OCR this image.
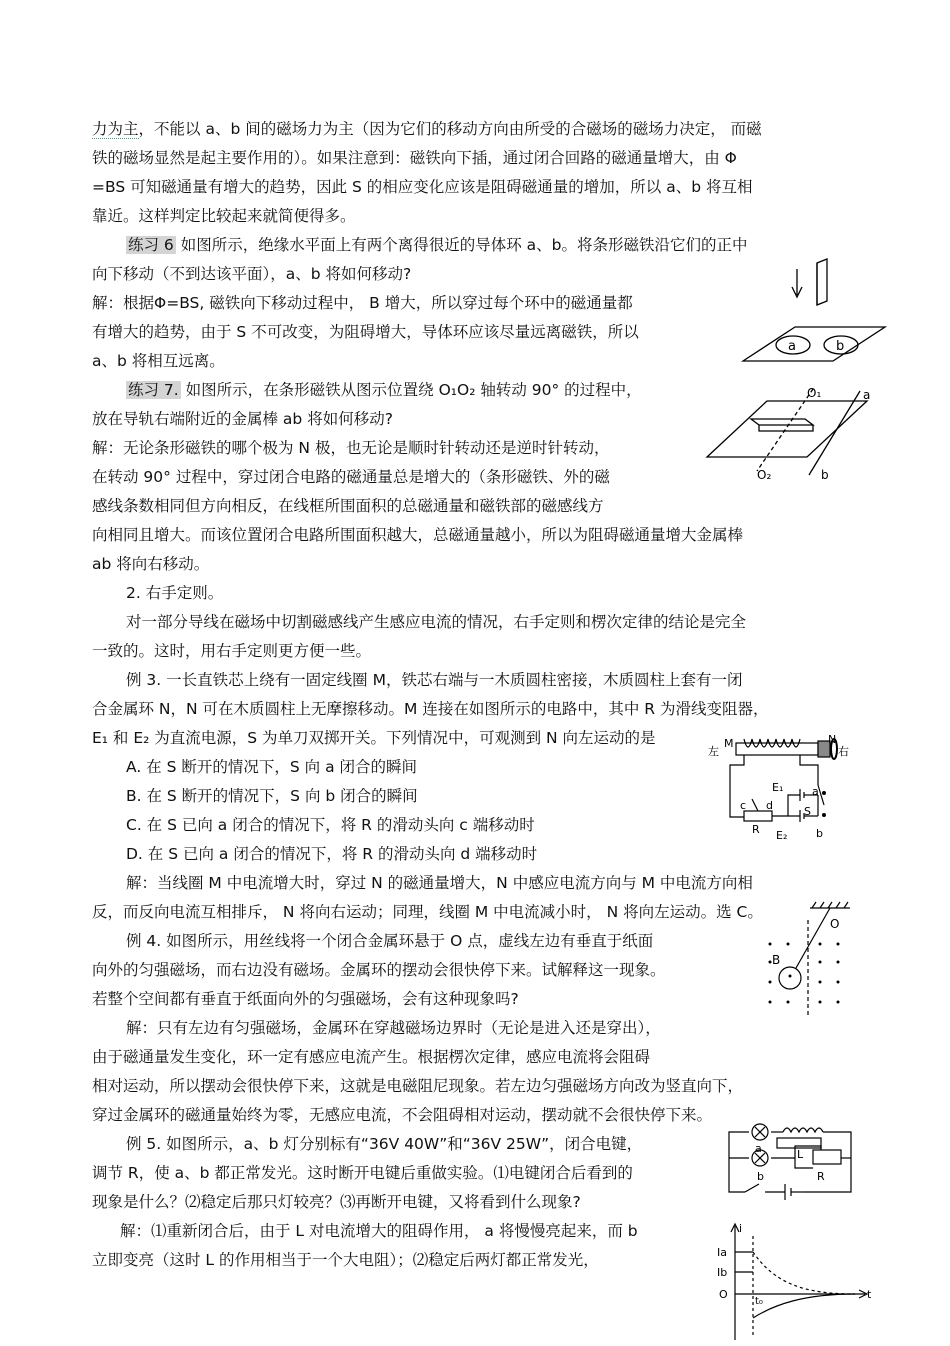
力为主，不能以 a、b 间的磁场力为主（因为它们的移动方向由所受的合磁场的磁场力决定， 而磁
铁的磁场显然是起主要作用的）。如果注意到：磁铁向下插，通过闭合回路的磁通量增大，由 Φ
=BS 可知磁通量有增大的趋势，因此 S 的相应变化应该是阻碍磁通量的增加，所以 a、b 将互相
靠近。这样判定比较起来就简便得多。
练习 6 如图所示，绝缘水平面上有两个离得很近的导体环 a、b。将条形磁铁沿它们的正中
向下移动（不到达该平面），a、b 将如何移动?
解：根据Φ=BS, 磁铁向下移动过程中， B 增大，所以穿过每个环中的磁通量都
有增大的趋势，由于 S 不可改变，为阻碍增大，导体环应该尽量远离磁铁，所以
a、b 将相互远离。
练习 7. 如图所示，在条形磁铁从图示位置绕 O₁O₂ 轴转动 90° 的过程中，
放在导轨右端附近的金属棒 ab 将如何移动?
解：无论条形磁铁的哪个极为 N 极，也无论是顺时针转动还是逆时针转动，
在转动 90° 过程中，穿过闭合电路的磁通量总是增大的（条形磁铁、外的磁
感线条数相同但方向相反，在线框所围面积的总磁通量和磁铁部的磁感线方
向相同且增大。而该位置闭合电路所围面积越大，总磁通量越小，所以为阻碍磁通量增大金属棒
ab 将向右移动。
2. 右手定则。
对一部分导线在磁场中切割磁感线产生感应电流的情况，右手定则和楞次定律的结论是完全
一致的。这时，用右手定则更方便一些。
例 3. 一长直铁芯上绕有一固定线圈 M，铁芯右端与一木质圆柱密接，木质圆柱上套有一闭
合金属环 N，N 可在木质圆柱上无摩擦移动。M 连接在如图所示的电路中，其中 R 为滑线变阻器，
E₁ 和 E₂ 为直流电源，S 为单刀双掷开关。下列情况中，可观测到 N 向左运动的是
A. 在 S 断开的情况下，S 向 a 闭合的瞬间
B. 在 S 断开的情况下，S 向 b 闭合的瞬间
C. 在 S 已向 a 闭合的情况下，将 R 的滑动头向 c 端移动时
D. 在 S 已向 a 闭合的情况下，将 R 的滑动头向 d 端移动时
解：当线圈 M 中电流增大时，穿过 N 的磁通量增大，N 中感应电流方向与 M 中电流方向相
反，而反向电流互相排斥， N 将向右运动；同理，线圈 M 中电流减小时， N 将向左运动。选 C。
例 4. 如图所示，用丝线将一个闭合金属环悬于 O 点，虚线左边有垂直于纸面
向外的匀强磁场，而右边没有磁场。金属环的摆动会很快停下来。试解释这一现象。
若整个空间都有垂直于纸面向外的匀强磁场，会有这种现象吗?
解：只有左边有匀强磁场，金属环在穿越磁场边界时（无论是进入还是穿出），
由于磁通量发生变化，环一定有感应电流产生。根据楞次定律，感应电流将会阻碍
相对运动，所以摆动会很快停下来，这就是电磁阻尼现象。若左边匀强磁场方向改为竖直向下，
穿过金属环的磁通量始终为零，无感应电流，不会阻碍相对运动，摆动就不会很快停下来。
例 5. 如图所示，a、b 灯分别标有“36V 40W”和“36V 25W”，闭合电键，
调节 R，使 a、b 都正常发光。这时断开电键后重做实验。⑴电键闭合后看到的
现象是什么？⑵稳定后那只灯较亮？⑶再断开电键，又将看到什么现象?
解：⑴重新闭合后，由于 L 对电流增大的阻碍作用， a 将慢慢亮起来，而 b
立即变亮（这时 L 的作用相当于一个大电阻）；⑵稳定后两灯都正常发光，
a	b
O₁	a
O₂	b
左
M	N
右
E₁	a
c d	S
R E₂	b
O
B
a	L
b	R
i
Ia
Ib
O
t₀
t
